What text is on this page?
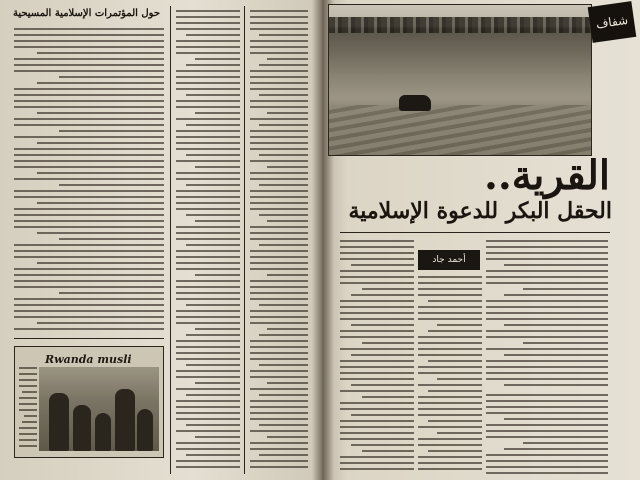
حول المؤتمرات الإسلامية المسيحية
Rwanda musli
شفاف
القرية..
الحقل البكر للدعوة الإسلامية
أحمد جاد
